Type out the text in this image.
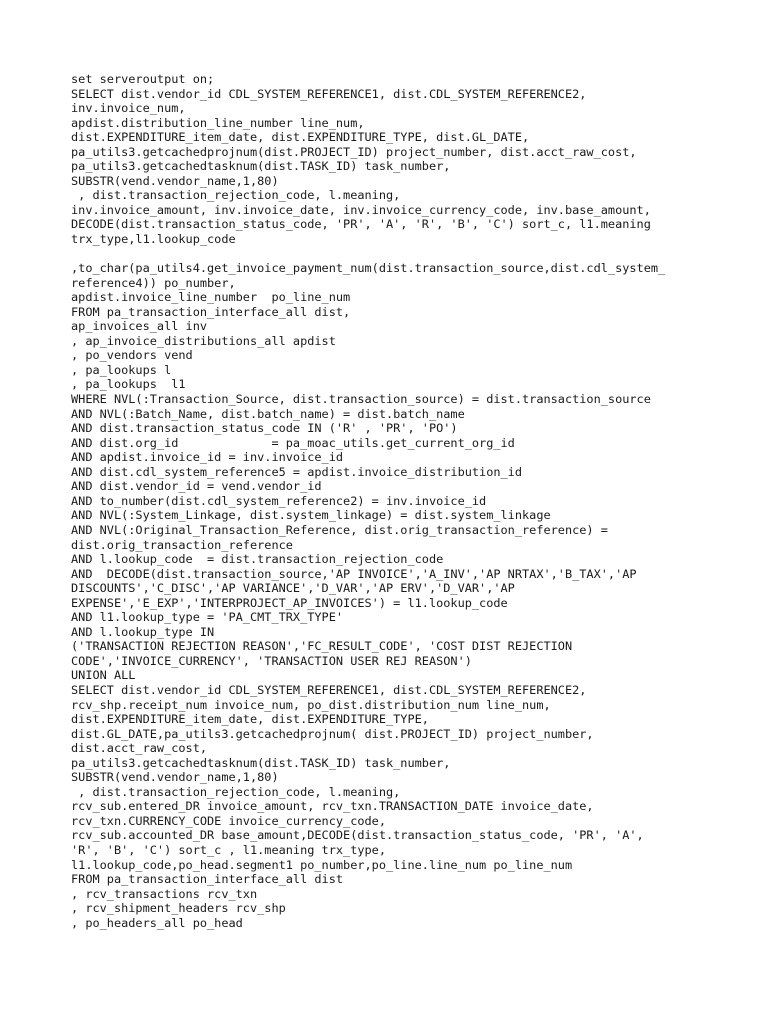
set serveroutput on;
SELECT dist.vendor_id CDL_SYSTEM_REFERENCE1, dist.CDL_SYSTEM_REFERENCE2,
inv.invoice_num,
apdist.distribution_line_number line_num,
dist.EXPENDITURE_item_date, dist.EXPENDITURE_TYPE, dist.GL_DATE,
pa_utils3.getcachedprojnum(dist.PROJECT_ID) project_number, dist.acct_raw_cost,
pa_utils3.getcachedtasknum(dist.TASK_ID) task_number,
SUBSTR(vend.vendor_name,1,80)
, dist.transaction_rejection_code, l.meaning,
inv.invoice_amount, inv.invoice_date, inv.invoice_currency_code, inv.base_amount,
DECODE(dist.transaction_status_code, 'PR', 'A', 'R', 'B', 'C') sort_c, l1.meaning
trx_type,l1.lookup_code
,to_char(pa_utils4.get_invoice_payment_num(dist.transaction_source,dist.cdl_system_
reference4)) po_number,
apdist.invoice_line_number  po_line_num
FROM pa_transaction_interface_all dist,
ap_invoices_all inv
, ap_invoice_distributions_all apdist
, po_vendors vend
, pa_lookups l
, pa_lookups  l1
WHERE NVL(:Transaction_Source, dist.transaction_source) = dist.transaction_source
AND NVL(:Batch_Name, dist.batch_name) = dist.batch_name
AND dist.transaction_status_code IN ('R' , 'PR', 'PO')
AND dist.org_id             = pa_moac_utils.get_current_org_id
AND apdist.invoice_id = inv.invoice_id
AND dist.cdl_system_reference5 = apdist.invoice_distribution_id
AND dist.vendor_id = vend.vendor_id
AND to_number(dist.cdl_system_reference2) = inv.invoice_id
AND NVL(:System_Linkage, dist.system_linkage) = dist.system_linkage
AND NVL(:Original_Transaction_Reference, dist.orig_transaction_reference) =
dist.orig_transaction_reference
AND l.lookup_code  = dist.transaction_rejection_code
AND  DECODE(dist.transaction_source,'AP INVOICE','A_INV','AP NRTAX','B_TAX','AP
DISCOUNTS','C_DISC','AP VARIANCE','D_VAR','AP ERV','D_VAR','AP
EXPENSE','E_EXP','INTERPROJECT_AP_INVOICES') = l1.lookup_code
AND l1.lookup_type = 'PA_CMT_TRX_TYPE'
AND l.lookup_type IN
('TRANSACTION REJECTION REASON','FC_RESULT_CODE', 'COST DIST REJECTION
CODE','INVOICE_CURRENCY', 'TRANSACTION USER REJ REASON')
UNION ALL
SELECT dist.vendor_id CDL_SYSTEM_REFERENCE1, dist.CDL_SYSTEM_REFERENCE2,
rcv_shp.receipt_num invoice_num, po_dist.distribution_num line_num,
dist.EXPENDITURE_item_date, dist.EXPENDITURE_TYPE,
dist.GL_DATE,pa_utils3.getcachedprojnum( dist.PROJECT_ID) project_number,
dist.acct_raw_cost,
pa_utils3.getcachedtasknum(dist.TASK_ID) task_number,
SUBSTR(vend.vendor_name,1,80)
, dist.transaction_rejection_code, l.meaning,
rcv_sub.entered_DR invoice_amount, rcv_txn.TRANSACTION_DATE invoice_date,
rcv_txn.CURRENCY_CODE invoice_currency_code,
rcv_sub.accounted_DR base_amount,DECODE(dist.transaction_status_code, 'PR', 'A',
'R', 'B', 'C') sort_c , l1.meaning trx_type,
l1.lookup_code,po_head.segment1 po_number,po_line.line_num po_line_num
FROM pa_transaction_interface_all dist
, rcv_transactions rcv_txn
, rcv_shipment_headers rcv_shp
, po_headers_all po_head
